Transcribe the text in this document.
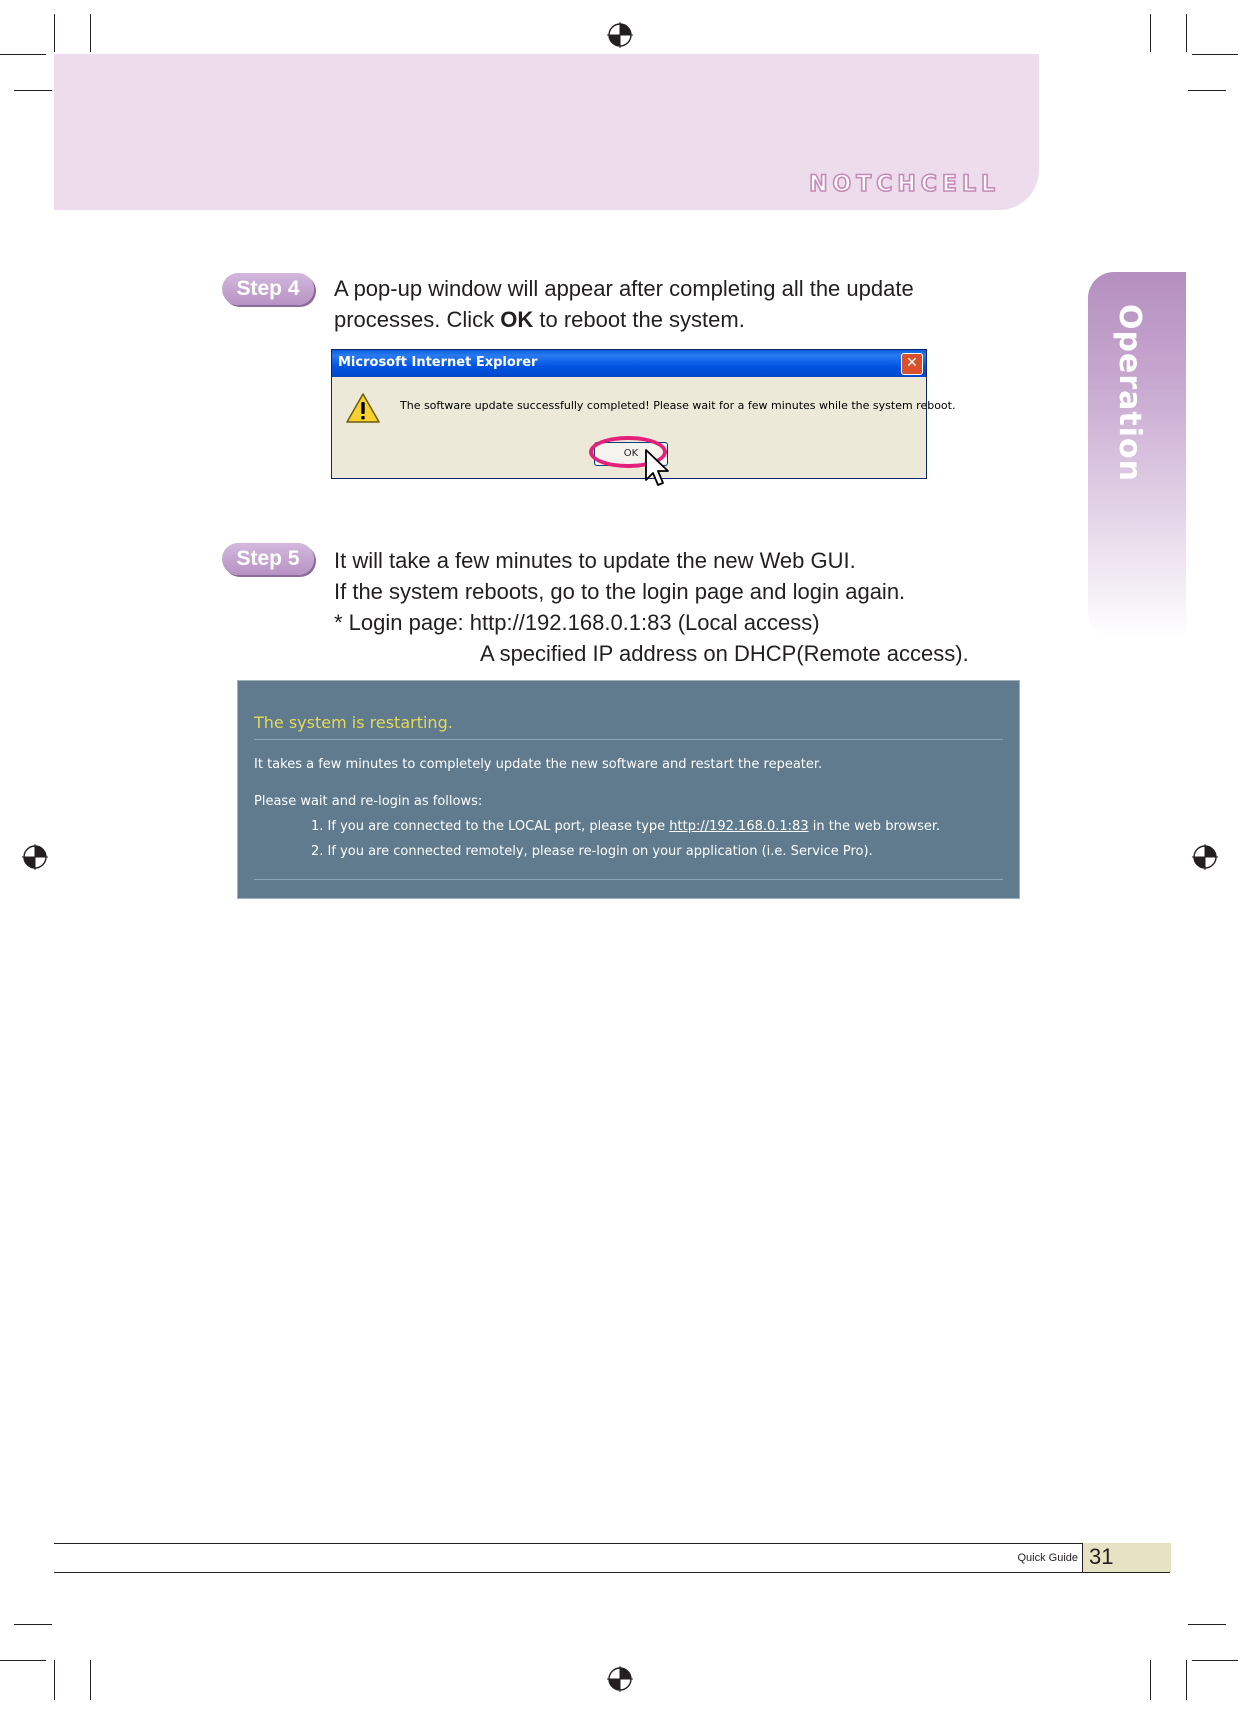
NOTCHCELL
Operation
Step 4	A pop-up window will appear after completing all the update
processes. Click OK to reboot the system.
Microsoft Internet Explorer	✕
The software update successfully completed! Please wait for a few minutes while the system reboot.
OK
Step 5	It will take a few minutes to update the new Web GUI.
If the system reboots, go to the login page and login again.
* Login page: http://192.168.0.1:83 (Local access)
A specified IP address on DHCP(Remote access).
The system is restarting.
It takes a few minutes to completely update the new software and restart the repeater.
Please wait and re-login as follows:
1. If you are connected to the LOCAL port, please type http://192.168.0.1:83 in the web browser.
2. If you are connected remotely, please re-login on your application (i.e. Service Pro).
Quick Guide 31
